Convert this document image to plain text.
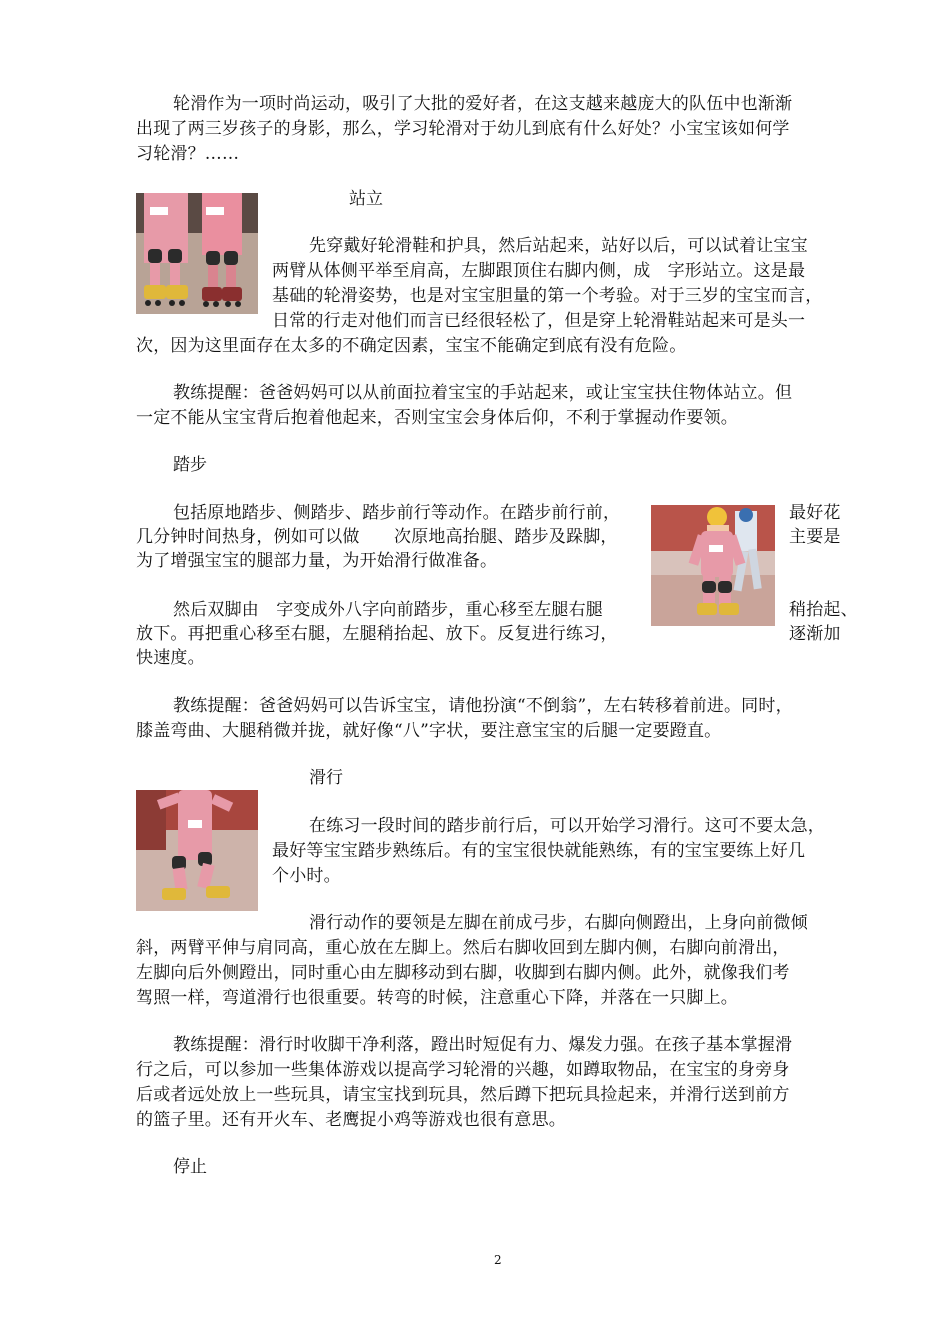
轮滑作为一项时尚运动，吸引了大批的爱好者，在这支越来越庞大的队伍中也渐渐
出现了两三岁孩子的身影，那么，学习轮滑对于幼儿到底有什么好处？小宝宝该如何学
习轮滑？……
站立
先穿戴好轮滑鞋和护具，然后站起来，站好以后，可以试着让宝宝
两臂从体侧平举至肩高，左脚跟顶住右脚内侧，成　字形站立。这是最
基础的轮滑姿势，也是对宝宝胆量的第一个考验。对于三岁的宝宝而言，
日常的行走对他们而言已经很轻松了，但是穿上轮滑鞋站起来可是头一
次，因为这里面存在太多的不确定因素，宝宝不能确定到底有没有危险。
教练提醒：爸爸妈妈可以从前面拉着宝宝的手站起来，或让宝宝扶住物体站立。但
一定不能从宝宝背后抱着他起来，否则宝宝会身体后仰，不利于掌握动作要领。
踏步
包括原地踏步、侧踏步、踏步前行等动作。在踏步前行前，
几分钟时间热身，例如可以做　　次原地高抬腿、踏步及跺脚，
为了增强宝宝的腿部力量，为开始滑行做准备。
最好花
主要是
然后双脚由　字变成外八字向前踏步，重心移至左腿右腿
放下。再把重心移至右腿，左腿稍抬起、放下。反复进行练习，
快速度。
稍抬起、
逐渐加
教练提醒：爸爸妈妈可以告诉宝宝，请他扮演“不倒翁”，左右转移着前进。同时，
膝盖弯曲、大腿稍微并拢，就好像“八”字状，要注意宝宝的后腿一定要蹬直。
滑行
在练习一段时间的踏步前行后，可以开始学习滑行。这可不要太急，
最好等宝宝踏步熟练后。有的宝宝很快就能熟练，有的宝宝要练上好几
个小时。
滑行动作的要领是左脚在前成弓步，右脚向侧蹬出，上身向前微倾
斜，两臂平伸与肩同高，重心放在左脚上。然后右脚收回到左脚内侧，右脚向前滑出，
左脚向后外侧蹬出，同时重心由左脚移动到右脚，收脚到右脚内侧。此外，就像我们考
驾照一样，弯道滑行也很重要。转弯的时候，注意重心下降，并落在一只脚上。
教练提醒：滑行时收脚干净利落，蹬出时短促有力、爆发力强。在孩子基本掌握滑
行之后，可以参加一些集体游戏以提高学习轮滑的兴趣，如蹲取物品，在宝宝的身旁身
后或者远处放上一些玩具，请宝宝找到玩具，然后蹲下把玩具捡起来，并滑行送到前方
的篮子里。还有开火车、老鹰捉小鸡等游戏也很有意思。
停止
2
